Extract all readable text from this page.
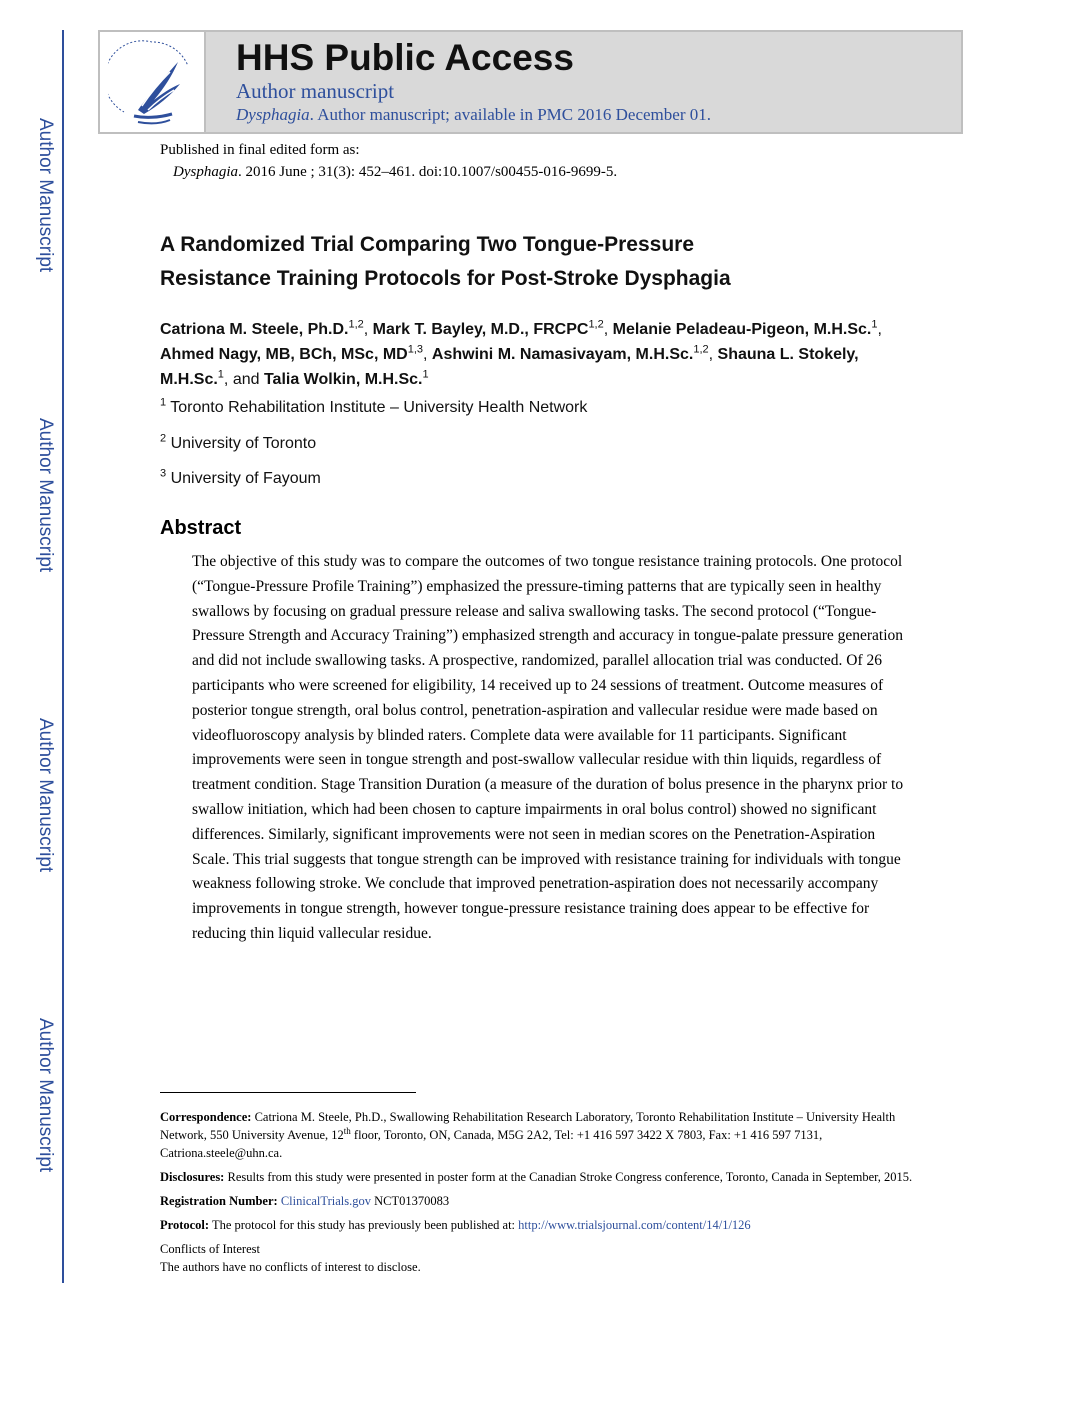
Author Manuscript
Author Manuscript
Author Manuscript
Author Manuscript
HHS Public Access
Author manuscript
Dysphagia. Author manuscript; available in PMC 2016 December 01.
Published in final edited form as:
Dysphagia. 2016 June ; 31(3): 452–461. doi:10.1007/s00455-016-9699-5.
A Randomized Trial Comparing Two Tongue-Pressure
Resistance Training Protocols for Post-Stroke Dysphagia
Catriona M. Steele, Ph.D.$^{1,2}$, Mark T. Bayley, M.D., FRCPC$^{1,2}$, Melanie Peladeau-Pigeon, M.H.Sc.$^1$, Ahmed Nagy, MB, BCh, MSc, MD$^{1,3}$, Ashwini M. Namasivayam, M.H.Sc.$^{1,2}$, Shauna L. Stokely, M.H.Sc.$^1$, and Talia Wolkin, M.H.Sc.$^1$
$^1$ Toronto Rehabilitation Institute – University Health Network
$^2$ University of Toronto
$^3$ University of Fayoum
Abstract
The objective of this study was to compare the outcomes of two tongue resistance training protocols. One protocol (“Tongue-Pressure Profile Training”) emphasized the pressure-timing patterns that are typically seen in healthy swallows by focusing on gradual pressure release and saliva swallowing tasks. The second protocol (“Tongue-Pressure Strength and Accuracy Training”) emphasized strength and accuracy in tongue-palate pressure generation and did not include swallowing tasks. A prospective, randomized, parallel allocation trial was conducted. Of 26 participants who were screened for eligibility, 14 received up to 24 sessions of treatment. Outcome measures of posterior tongue strength, oral bolus control, penetration-aspiration and vallecular residue were made based on videofluoroscopy analysis by blinded raters. Complete data were available for 11 participants. Significant improvements were seen in tongue strength and post-swallow vallecular residue with thin liquids, regardless of treatment condition. Stage Transition Duration (a measure of the duration of bolus presence in the pharynx prior to swallow initiation, which had been chosen to capture impairments in oral bolus control) showed no significant differences. Similarly, significant improvements were not seen in median scores on the Penetration-Aspiration Scale. This trial suggests that tongue strength can be improved with resistance training for individuals with tongue weakness following stroke. We conclude that improved penetration-aspiration does not necessarily accompany improvements in tongue strength, however tongue-pressure resistance training does appear to be effective for reducing thin liquid vallecular residue.

Correspondence: Catriona M. Steele, Ph.D., Swallowing Rehabilitation Research Laboratory, Toronto Rehabilitation Institute – University Health Network, 550 University Avenue, 12th floor, Toronto, ON, Canada, M5G 2A2, Tel: +1 416 597 3422 X 7803, Fax: +1 416 597 7131, Catriona.steele@uhn.ca.

Disclosures: Results from this study were presented in poster form at the Canadian Stroke Congress conference, Toronto, Canada in September, 2015.

Registration Number: ClinicalTrials.gov NCT01370083

Protocol: The protocol for this study has previously been published at: http://www.trialsjournal.com/content/14/1/126

Conflicts of Interest
The authors have no conflicts of interest to disclose.
